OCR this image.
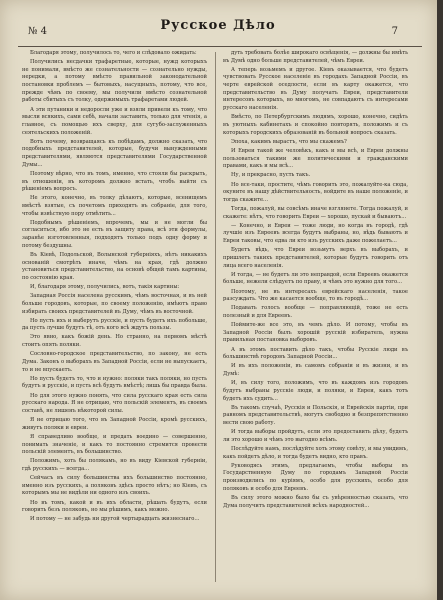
№ 4	Русское Дѣло	7

Благодаря этому, получилось то, чего и слѣдовало ожидать:

Получились несдачки трафаретные, которые, нужд которыхъ не понимали, вмѣсто же сознательности — сознательно нужды, нередки, а потому вмѣсто правильной законодательной постановки проблемъ — бытовыхъ, насущныхъ, потому, что все, прежде чѣмъ по своему, мы получили вмѣсто сознательной работы сбитыхъ съ толку, одержимыхъ трафаретами людей.

А эти путаники и недоросли уже и взяли привели къ тому, что мысли всякихъ, сами себѣ, начали заставить, только для чтенія, а главное, съ помощью ихъ сверху, для сугубо-заслуженныхъ сеятельскихъ положеній.

Вотъ почему, возвращаясь къ побѣдамъ, должно сказать, что подобныхъ представителей, которые, будучи вынужденными представителями, являются представителями Государственной Думы...

Поэтому вѣрно, что въ томъ, именно, что стояли бы раскрыть, въ отношеніи, въ которомъ должно встать, чтобъ выйти съ рѣшеніемъ вопросъ.

Не этого, конечно, въ толку дѣлаютъ, которые, всенищемъ вмѣстѣ взятые, съ почетомъ приходятъ въ собраніе, для того, чтобы извѣстную пору отмѣтить...

Подобнымъ рѣшеніемъ, впрочемъ, мы и не могли бы согласиться, ибо это не есть въ защиту права, всѣ эти формулы, заранѣе изготовленныя, подходятъ только подъ одну форму и потому бездушны.

Въ Кіевѣ, Подольской, Волынской губерніяхъ, нѣтъ никакихъ основаній смотрѣть иначе, чѣмъ на края, гдѣ должно установиться представительство, на основѣ общей тамъ картины, по состоянію края.

И, благодаря этому, получились, вотъ, такія картины:

Западная Россія населена русскимъ, чѣмъ восточная, и въ ней больше городовъ, которые, по своему положенію, имѣютъ право избирать своихъ представителей въ Думу, чѣмъ въ восточной.

Но пусть ихъ и выберутъ русскіе, и пусть будетъ ихъ побольше, да пусть лучше будутъ тѣ, отъ кого всѣ ждутъ пользы.

Это явно, какъ божій день. Но странно, на первомъ мѣстѣ стоитъ опять поляки.

Сословно-городское представительство, по закону, не есть Дума. Законъ о выборахъ въ Западной Россіи, если не выпускаетъ, то и не впускаетъ.

Но пусть будетъ то, что и нужно: поляки такъ поляки, но пусть будутъ и русскіе, и пусть всѣ будутъ вмѣстѣ; лишь бы правда была.

Но для этого нужно понять, что сила русскаго края есть сила русскаго народа. Я не отрицаю, что польскій элементъ, въ своемъ составѣ, не лишенъ нѣкоторой силы.

Я не отрицаю того, что въ Западной Россіи, кромѣ русскихъ, живутъ поляки и евреи.

Я справедливо вообще, и предать воедино — совершенно, понимать значеніе, и какъ то постоянно стремится провести польскій элементъ, въ большинство.

Положимъ, хоть бы полякамъ, но въ виду Кіевской губерніи, гдѣ русскихъ — всегда...

Сейчасъ въ силу большинства ихъ большинство постоянно, именно изъ русскихъ, а поляковъ здѣсь просто нѣтъ; но Кіевъ, съ которымъ мы не видѣли ни одного изъ своихъ.

Но въ томъ, какой и въ ихъ области, рѣшать будутъ, если говорить безъ поляковъ, но мы рѣшимъ, какъ можно.

И потому — не забудь ни другой чертырадцать жизнеснаго...

дуть требовать болѣе широкаго освѣщенія, — должны бы имѣть въ Думѣ одно больше представителей, чѣмъ Евреи.

А теперь возьмемъ и другое. Кіевъ оказывается, что будетъ чувствовать Русское населеніе въ городахъ Западной Россіи, въ черте еврейской оседлости, если въ карту окажется, что представительство въ Думу получатъ Евреи, представители интересовъ которыхъ, во многомъ, не совпадаютъ съ интересами русскаго населенія.

Вмѣсто, по Петербургскимъ людямъ, хорошо, конечно, сидѣть въ уютныхъ кабинетахъ и спокойно повторять, положимъ и съ которыхъ городскихъ образованій въ больной вопросъ сказать.

Эпоха, какимъ вырастъ, что мы скажемъ?

И Евреи такой же человѣкъ, какъ и мы всѣ, и Евреи должны пользоваться такими же политическими и гражданскими правами, какъ и мы всѣ...

Ну, и прекрасно, пусть такъ.

Но все-таки, простите, чѣмъ говорить это, пожалуйте-ка сюда, окуните въ нашу дѣйствительность, войдите въ наше положеніе, и тогда скажите...

Тогда, пожалуй, вы совсѣмъ иначе взглянете. Тогда пожалуй, и скажете: нѣтъ, что говорить Евреи — хорошо, пускай и бываютъ...

— Конечно, и Евреи — тоже люди, но когда въ городѣ, гдѣ лучшіе изъ Евреевъ всегда будутъ выбраны, но, вѣдь бываютъ и Евреи таковы, что едва ли кто изъ русскихъ даже пожелаетъ...

Будетъ вѣдь, что Евреи возьмутъ верхъ въ выборахъ, и пришлетъ такихъ представителей, которые будутъ говорить отъ лица всего населенія.

И тогда, — не будетъ ли это неправдой, если Евреевъ окажется больше, нежели слѣдуетъ по праву, и чѣмъ это нужно для того...

Поэтому, не въ интересахъ еврейскаго населенія, такое разсуждать. Что же касается вообще, то въ городѣ...

Подавать голосъ вообще — поправляющій, тоже не есть полезный и для Евреевъ.

Поймите-же все это, въ чемъ дѣло. И потому, чтобы въ Западной Россіи былъ хорошій русскій избиратель, нужна правильная постановка выборовъ.

А въ этомъ поставить дѣло такъ, чтобы Русскіе люди въ большинствѣ городовъ Западной Россіи...

И въ ихъ положеніи, въ самомъ собраніи и въ жизни, и въ Думѣ:

И, въ силу того, положимъ, что въ каждомъ изъ городовъ будутъ выбраны русскіе люди, и поляки, и Евреи, какъ тотъ будетъ ихъ судить...

Въ такомъ случаѣ, Русскія и Польскія, и Еврейскія партіи, при равномъ представительствѣ, могутъ свободно и безпрепятственно вести свою работу.

И тогда выборы пройдутъ, если это предоставить дѣлу, будетъ ли это хорошо и чѣмъ это выгодно всѣмъ.

Послѣдуйте намъ, послѣдуйте хоть этому совѣту, и мы увидимъ, какъ пойдетъ дѣло, и тогда будетъ видно, кто правъ.

Руководясь этимъ, предлагаемъ, чтобы выборы въ Государственную Думу по городамъ Западной Россіи производились по куріямъ, особо для русскихъ, особо для поляковъ и особо для Евреевъ.

Въ силу этого можно было бы съ увѣренностью сказать, что Дума получитъ представителей всѣхъ народностей...
